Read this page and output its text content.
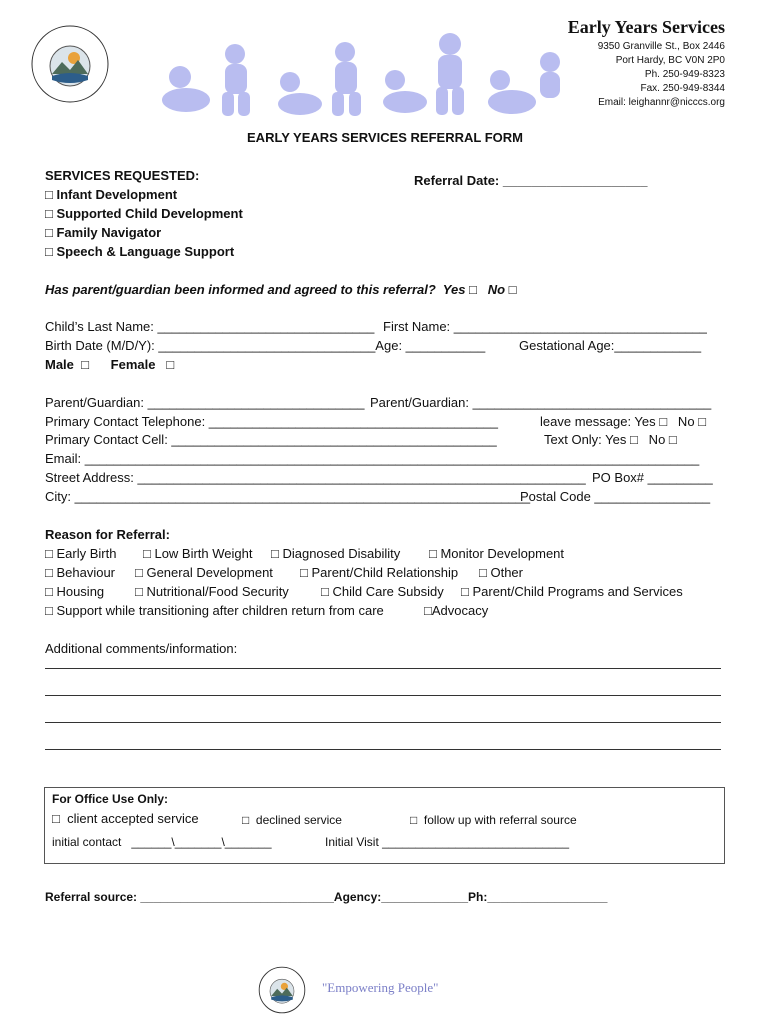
Early Years Services
9350 Granville St., Box 2446
Port Hardy, BC V0N 2P0
Ph. 250-949-8323
Fax. 250-949-8344
Email: leighannr@nicccs.org
EARLY YEARS SERVICES REFERRAL FORM
SERVICES REQUESTED:
□ Infant Development
□ Supported Child Development
□ Family Navigator
□ Speech & Language Support
Referral Date: ____________________
Has parent/guardian been informed and agreed to this referral?  Yes □   No □
Child’s Last Name: ______________________________ First Name: ___________________________________
Birth Date (M/D/Y): ______________________________Age: ___________	Gestational Age:____________
Male  □      Female   □
Parent/Guardian: ______________________________ Parent/Guardian: _________________________________
Primary Contact Telephone: ________________________________________	leave message: Yes □   No □
Primary Contact Cell: _____________________________________________	Text Only: Yes □   No □
Email: _____________________________________________________________________________________
Street Address: ______________________________________________________________ PO Box# _________
City: _______________________________________________________________
Postal Code ________________
Reason for Referral:
□ Early Birth □ Low Birth Weight □ Diagnosed Disability □ Monitor Development
□ Behaviour □ General Development □ Parent/Child Relationship □ Other
□ Housing □ Nutritional/Food Security □ Child Care Subsidy □ Parent/Child Programs and Services
□ Support while transitioning after children return from care	□Advocacy
Additional comments/information:
For Office Use Only:
□  client accepted service	□  declined service	□  follow up with referral source
initial contact   ______\_______\_______	Initial Visit ____________________________
Referral source: _____________________________Agency:_____________Ph:__________________
"Empowering People"
